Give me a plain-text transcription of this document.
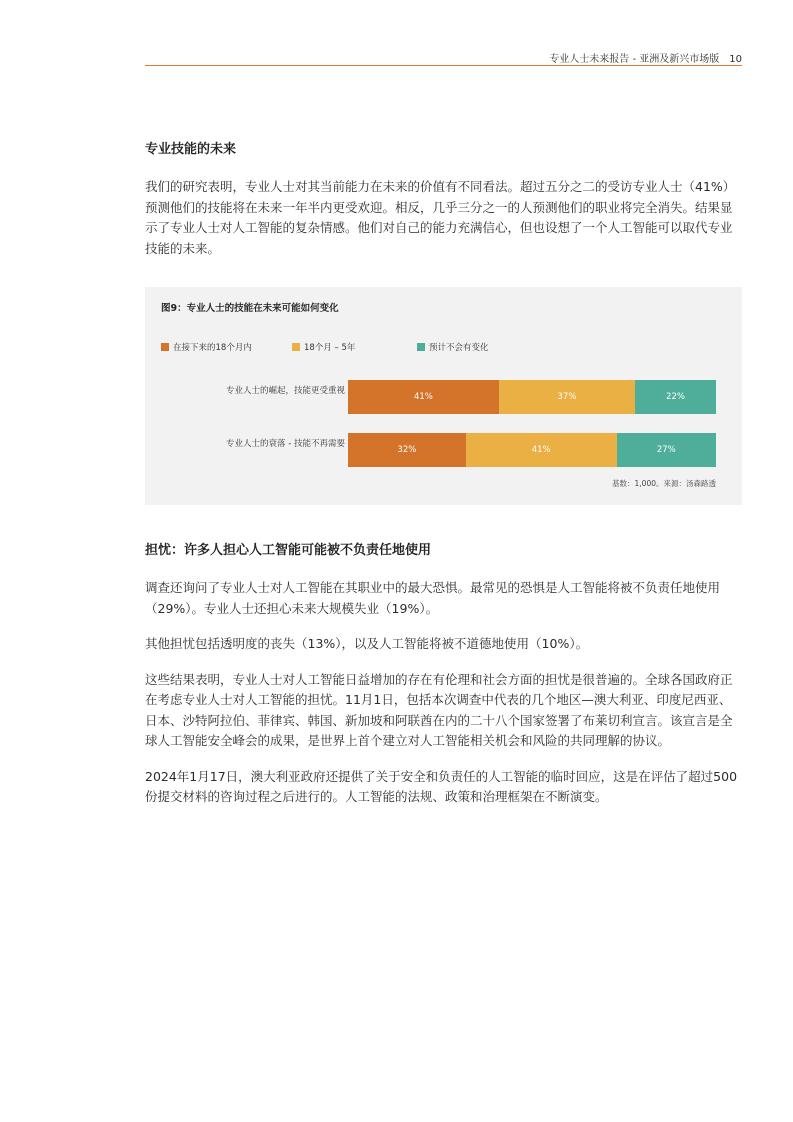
专业人士未来报告 - 亚洲及新兴市场版 10
专业技能的未来

我们的研究表明，专业人士对其当前能力在未来的价值有不同看法。超过五分之二的受访专业人士（41%）预测他们的技能将在未来一年半内更受欢迎。相反，几乎三分之一的人预测他们的职业将完全消失。结果显示了专业人士对人工智能的复杂情感。他们对自己的能力充满信心，但也设想了一个人工智能可以取代专业技能的未来。

图9：专业人士的技能在未来可能如何变化
在接下来的18个月内	18个月 – 5年	预计不会有变化
专业人士的崛起，技能更受重视
41%	37%	22%
专业人士的衰落 - 技能不再需要
32%	41%	27%
基数：1,000。来源：汤森路透
担忧：许多人担心人工智能可能被不负责任地使用

调查还询问了专业人士对人工智能在其职业中的最大恐惧。最常见的恐惧是人工智能将被不负责任地使用（29%）。专业人士还担心未来大规模失业（19%）。

其他担忧包括透明度的丧失（13%），以及人工智能将被不道德地使用（10%）。

这些结果表明，专业人士对人工智能日益增加的存在有伦理和社会方面的担忧是很普遍的。全球各国政府正在考虑专业人士对人工智能的担忧。11月1日，包括本次调查中代表的几个地区—澳大利亚、印度尼西亚、日本、沙特阿拉伯、菲律宾、韩国、新加坡和阿联酋在内的二十八个国家签署了布莱切利宣言。该宣言是全球人工智能安全峰会的成果，是世界上首个建立对人工智能相关机会和风险的共同理解的协议。

2024年1月17日，澳大利亚政府还提供了关于安全和负责任的人工智能的临时回应，这是在评估了超过500份提交材料的咨询过程之后进行的。人工智能的法规、政策和治理框架在不断演变。
